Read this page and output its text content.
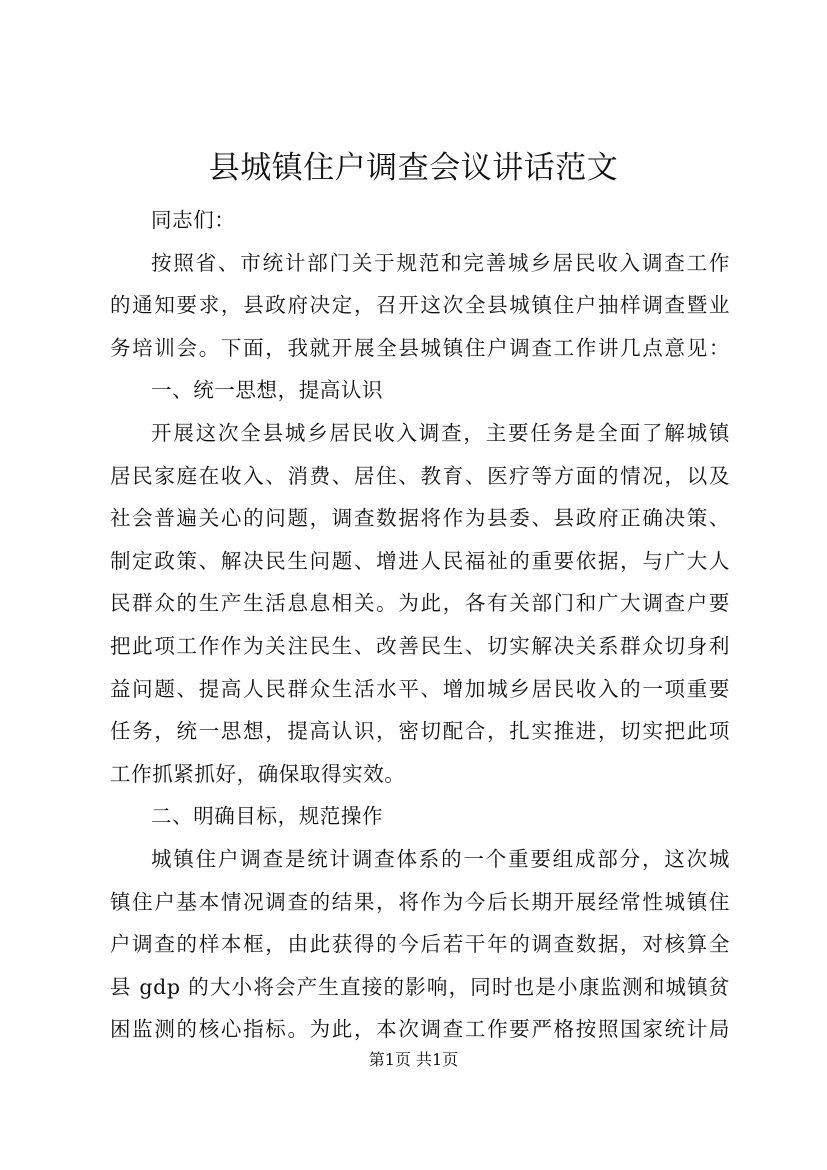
县城镇住户调查会议讲话范文
同志们：
按照省、市统计部门关于规范和完善城乡居民收入调查工作
的通知要求，县政府决定，召开这次全县城镇住户抽样调查暨业
务培训会。下面，我就开展全县城镇住户调查工作讲几点意见：
一、统一思想，提高认识
开展这次全县城乡居民收入调查，主要任务是全面了解城镇
居民家庭在收入、消费、居住、教育、医疗等方面的情况，以及
社会普遍关心的问题，调查数据将作为县委、县政府正确决策、
制定政策、解决民生问题、增进人民福祉的重要依据，与广大人
民群众的生产生活息息相关。为此，各有关部门和广大调查户要
把此项工作作为关注民生、改善民生、切实解决关系群众切身利
益问题、提高人民群众生活水平、增加城乡居民收入的一项重要
任务，统一思想，提高认识，密切配合，扎实推进，切实把此项
工作抓紧抓好，确保取得实效。
二、明确目标，规范操作
城镇住户调查是统计调查体系的一个重要组成部分，这次城
镇住户基本情况调查的结果，将作为今后长期开展经常性城镇住
户调查的样本框，由此获得的今后若干年的调查数据，对核算全
县 gdp 的大小将会产生直接的影响，同时也是小康监测和城镇贫
困监测的核心指标。为此，本次调查工作要严格按照国家统计局
第1页 共1页
